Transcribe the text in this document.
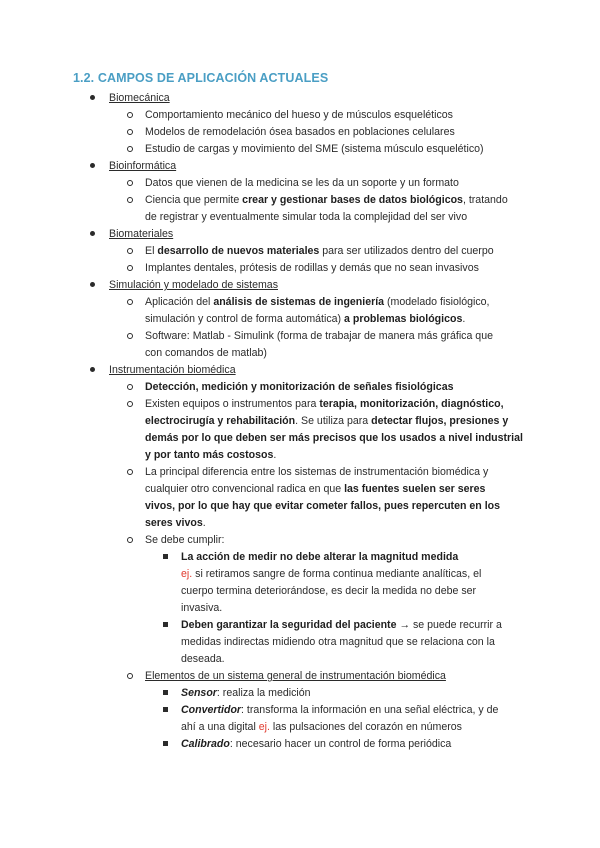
1.2. CAMPOS DE APLICACIÓN ACTUALES
Biomecánica
Comportamiento mecánico del hueso y de músculos esqueléticos
Modelos de remodelación ósea basados en poblaciones celulares
Estudio de cargas y movimiento del SME (sistema músculo esquelético)
Bioinformática
Datos que vienen de la medicina se les da un soporte y un formato
Ciencia que permite crear y gestionar bases de datos biológicos, tratando
de registrar y eventualmente simular toda la complejidad del ser vivo
Biomateriales
El desarrollo de nuevos materiales para ser utilizados dentro del cuerpo
Implantes dentales, prótesis de rodillas y demás que no sean invasivos
Simulación y modelado de sistemas
Aplicación del análisis de sistemas de ingeniería (modelado fisiológico,
simulación y control de forma automática) a problemas biológicos.
Software: Matlab - Simulink (forma de trabajar de manera más gráfica que
con comandos de matlab)
Instrumentación biomédica
Detección, medición y monitorización de señales fisiológicas
Existen equipos o instrumentos para terapia, monitorización, diagnóstico,
electrocirugía y rehabilitación. Se utiliza para detectar flujos, presiones y
demás por lo que deben ser más precisos que los usados a nivel industrial
y por tanto más costosos.
La principal diferencia entre los sistemas de instrumentación biomédica y
cualquier otro convencional radica en que las fuentes suelen ser seres
vivos, por lo que hay que evitar cometer fallos, pues repercuten en los
seres vivos.
Se debe cumplir:
La acción de medir no debe alterar la magnitud medida
ej. si retiramos sangre de forma continua mediante analíticas, el
cuerpo termina deteriorándose, es decir la medida no debe ser
invasiva.
Deben garantizar la seguridad del paciente → se puede recurrir a
medidas indirectas midiendo otra magnitud que se relaciona con la
deseada.
Elementos de un sistema general de instrumentación biomédica
Sensor: realiza la medición
Convertidor: transforma la información en una señal eléctrica, y de
ahí a una digital ej. las pulsaciones del corazón en números
Calibrado: necesario hacer un control de forma periódica
